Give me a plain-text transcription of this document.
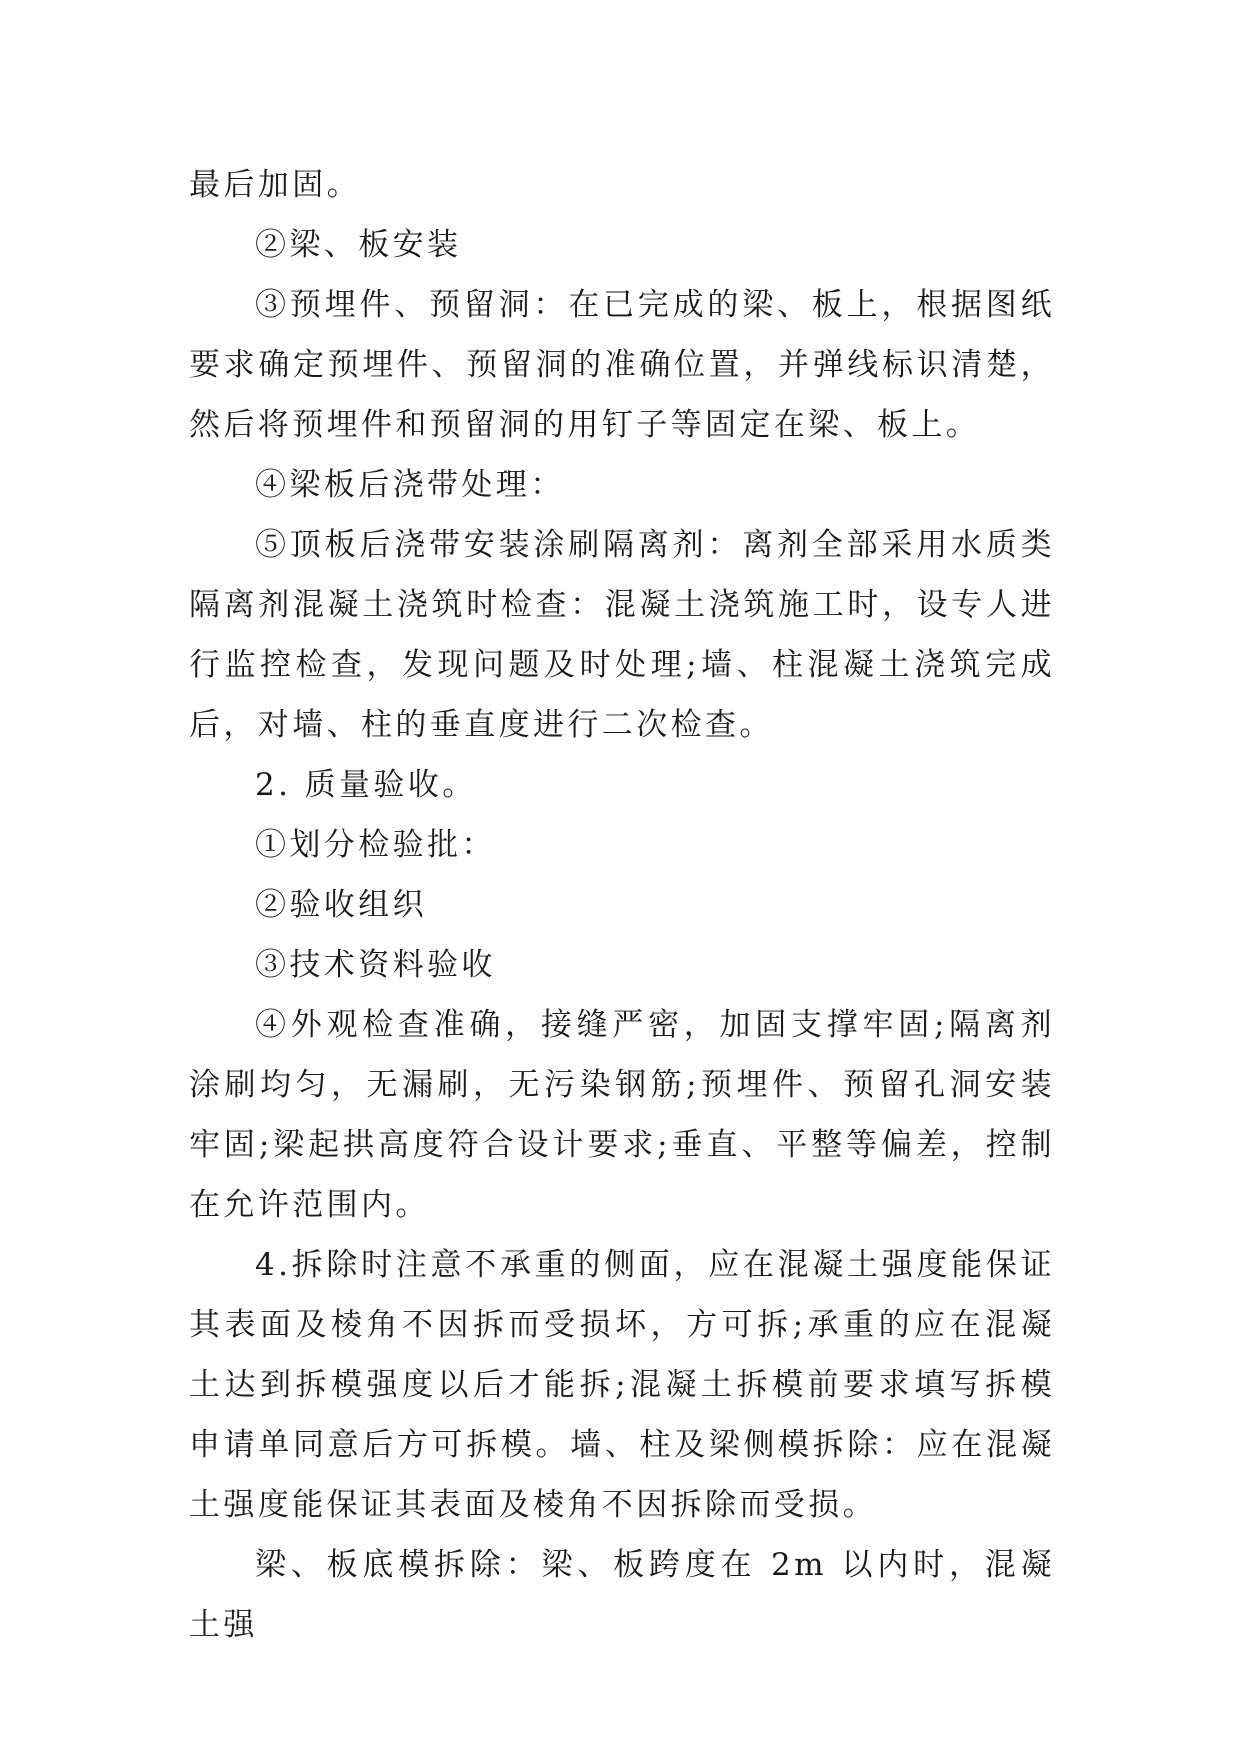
最后加固。

②梁、板安装

③预埋件、预留洞：在已完成的梁、板上，根据图纸要求确定预埋件、预留洞的准确位置，并弹线标识清楚，然后将预埋件和预留洞的用钉子等固定在梁、板上。

④梁板后浇带处理：

⑤顶板后浇带安装涂刷隔离剂：离剂全部采用水质类隔离剂混凝土浇筑时检查：混凝土浇筑施工时，设专人进行监控检查，发现问题及时处理;墙、柱混凝土浇筑完成后，对墙、柱的垂直度进行二次检查。

2. 质量验收。

①划分检验批：

②验收组织

③技术资料验收

④外观检查准确，接缝严密，加固支撑牢固;隔离剂涂刷均匀，无漏刷，无污染钢筋;预埋件、预留孔洞安装牢固;梁起拱高度符合设计要求;垂直、平整等偏差，控制在允许范围内。

4.拆除时注意不承重的侧面，应在混凝土强度能保证其表面及棱角不因拆而受损坏，方可拆;承重的应在混凝土达到拆模强度以后才能拆;混凝土拆模前要求填写拆模申请单同意后方可拆模。墙、柱及梁侧模拆除：应在混凝土强度能保证其表面及棱角不因拆除而受损。

梁、板底模拆除：梁、板跨度在 2m 以内时，混凝土强
